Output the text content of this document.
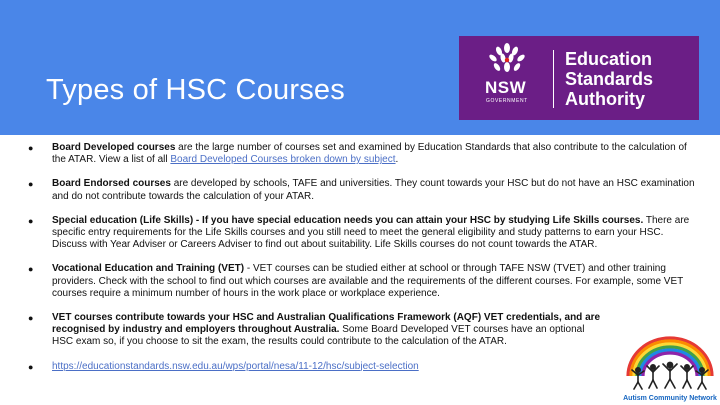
Types of HSC Courses	NSW
GOVERNMENT
Education
Standards
Authority
● Board Developed courses are the large number of courses set and examined by Education Standards that also contribute to the calculation of the ATAR. View a list of all Board Developed Courses broken down by subject.
● Board Endorsed courses are developed by schools, TAFE and universities. They count towards your HSC but do not have an HSC examination and do not contribute towards the calculation of your ATAR.
● Special education (Life Skills) - If you have special education needs you can attain your HSC by studying Life Skills courses. There are specific entry requirements for the Life Skills courses and you still need to meet the general eligibility and study patterns to earn your HSC. Discuss with Year Adviser or Careers Adviser to find out about suitability. Life Skills courses do not count towards the ATAR.
● Vocational Education and Training (VET) - VET courses can be studied either at school or through TAFE NSW (TVET) and other training providers. Check with the school to find out which courses are available and the requirements of the different courses. For example, some VET courses require a minimum number of hours in the work place or workplace experience.
● VET courses contribute towards your HSC and Australian Qualifications Framework (AQF) VET credentials, and are recognised by industry and employers throughout Australia. Some Board Developed VET courses have an optional HSC exam so, if you choose to sit the exam, the results could contribute to the calculation of the ATAR.
● https://educationstandards.nsw.edu.au/wps/portal/nesa/11-12/hsc/subject-selection
Autism Community Network
